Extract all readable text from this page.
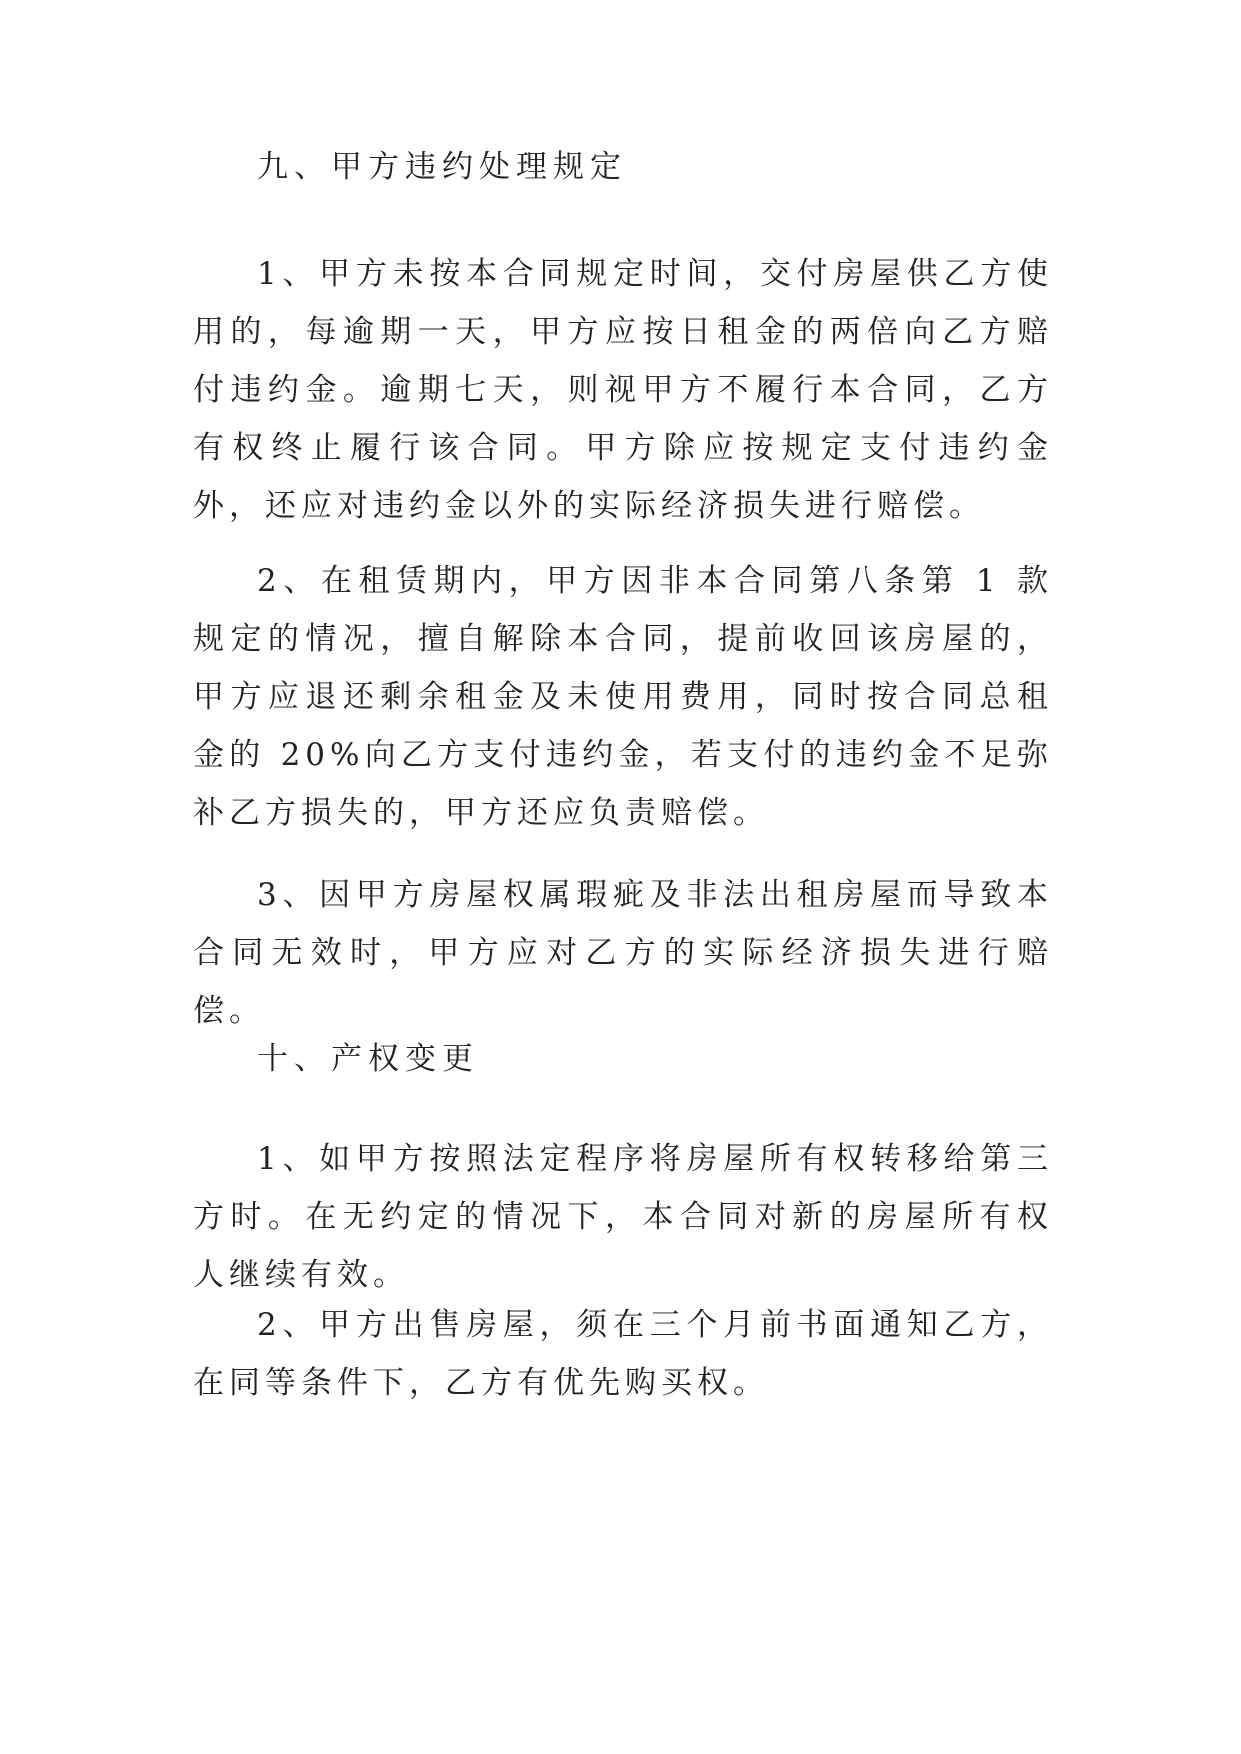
九、甲方违约处理规定
1、甲方未按本合同规定时间，交付房屋供乙方使用的，每逾期一天，甲方应按日租金的两倍向乙方赔付违约金。逾期七天，则视甲方不履行本合同，乙方有权终止履行该合同。甲方除应按规定支付违约金外，还应对违约金以外的实际经济损失进行赔偿。
2、在租赁期内，甲方因非本合同第八条第 1 款规定的情况，擅自解除本合同，提前收回该房屋的，甲方应退还剩余租金及未使用费用，同时按合同总租金的 20%向乙方支付违约金，若支付的违约金不足弥补乙方损失的，甲方还应负责赔偿。
3、因甲方房屋权属瑕疵及非法出租房屋而导致本合同无效时，甲方应对乙方的实际经济损失进行赔偿。
十、产权变更
1、如甲方按照法定程序将房屋所有权转移给第三方时。在无约定的情况下，本合同对新的房屋所有权人继续有效。
2、甲方出售房屋，须在三个月前书面通知乙方，在同等条件下，乙方有优先购买权。
